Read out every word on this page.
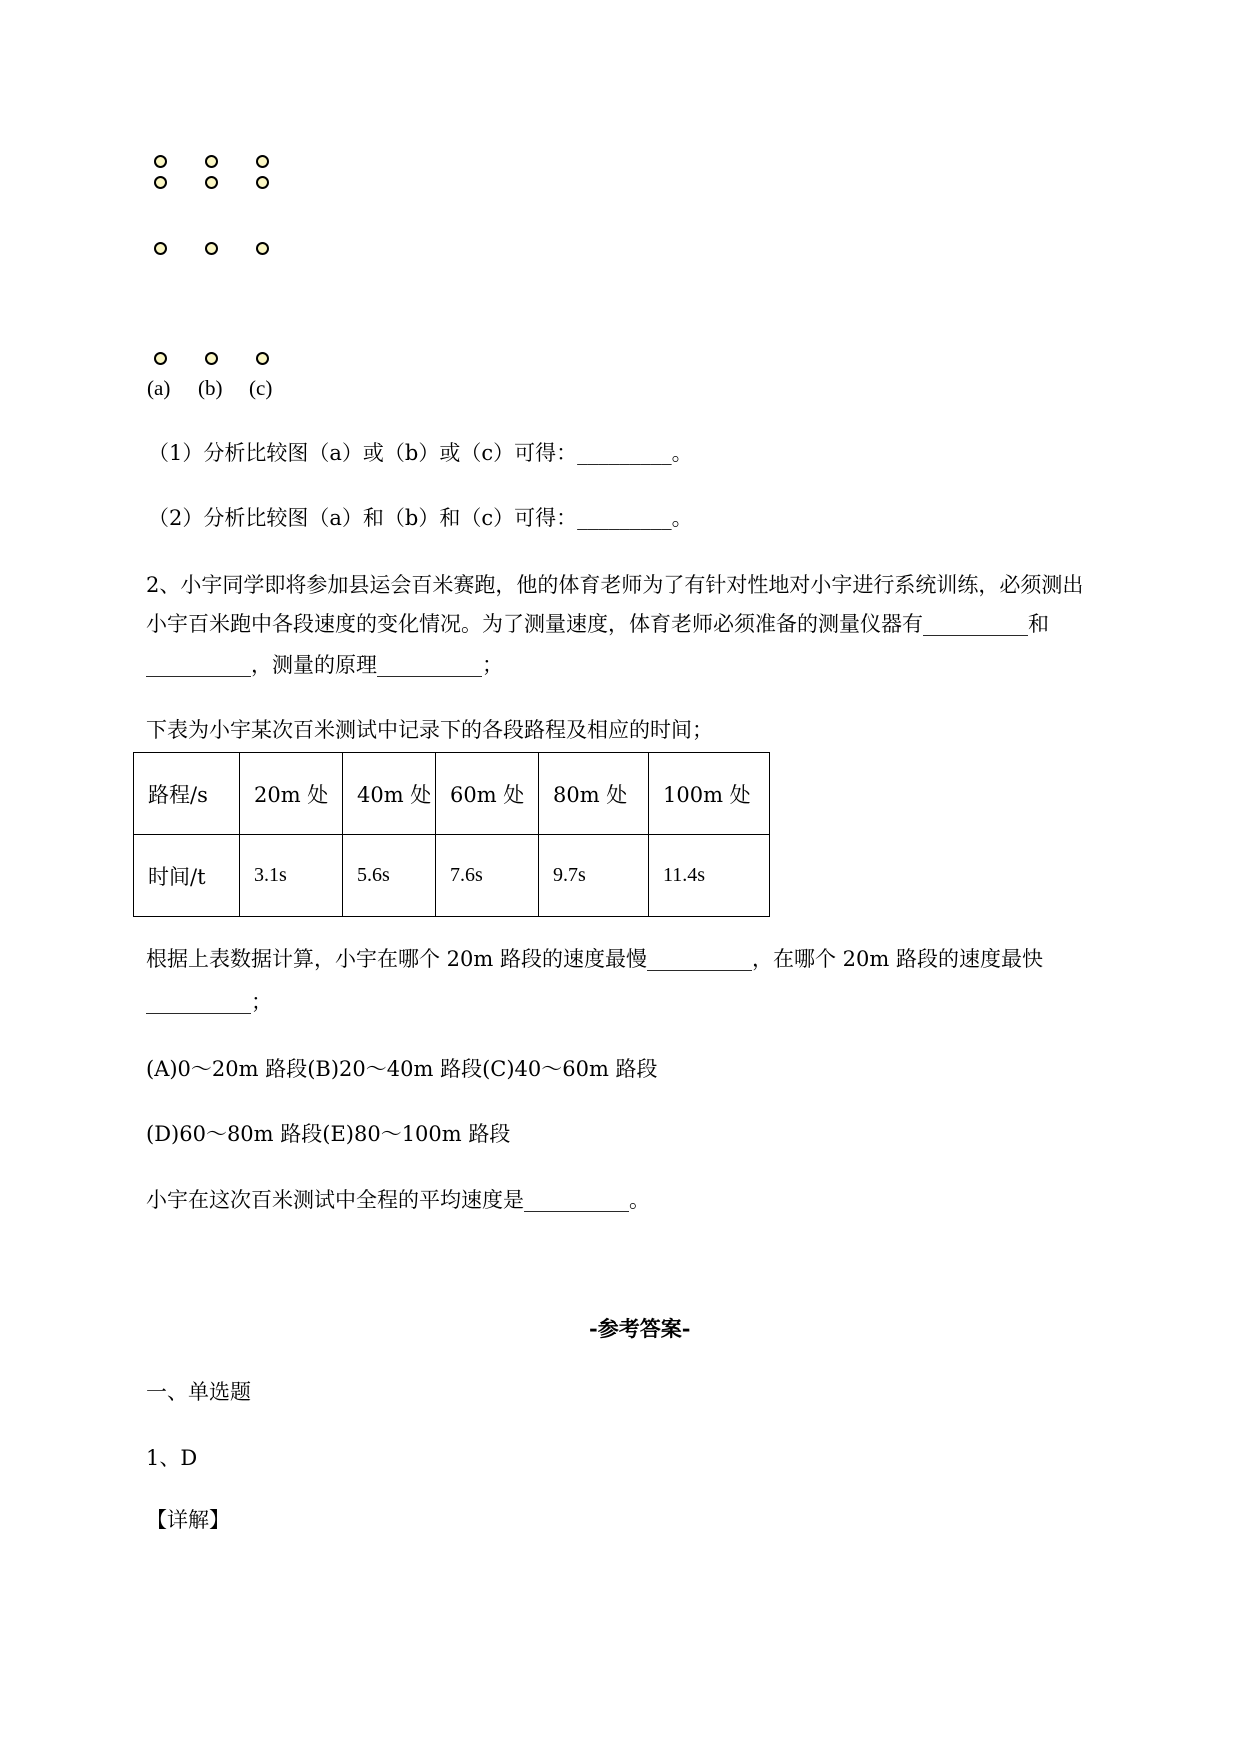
(a) (b) (c)
（1）分析比较图（a）或（b）或（c）可得：_________。
（2）分析比较图（a）和（b）和（c）可得：_________。
2、小宇同学即将参加县运会百米赛跑，他的体育老师为了有针对性地对小宇进行系统训练，必须测出
小宇百米跑中各段速度的变化情况。为了测量速度，体育老师必须准备的测量仪器有__________和
__________，测量的原理__________；
下表为小宇某次百米测试中记录下的各段路程及相应的时间；
路程/s	20m 处	40m 处	60m 处	80m 处	100m 处
时间/t	3.1s	5.6s	7.6s	9.7s	11.4s
根据上表数据计算，小宇在哪个 20m 路段的速度最慢__________，在哪个 20m 路段的速度最快
__________；
(A)0～20m 路段(B)20～40m 路段(C)40～60m 路段
(D)60～80m 路段(E)80～100m 路段
小宇在这次百米测试中全程的平均速度是__________。
-参考答案-
一、单选题
1、D
【详解】
